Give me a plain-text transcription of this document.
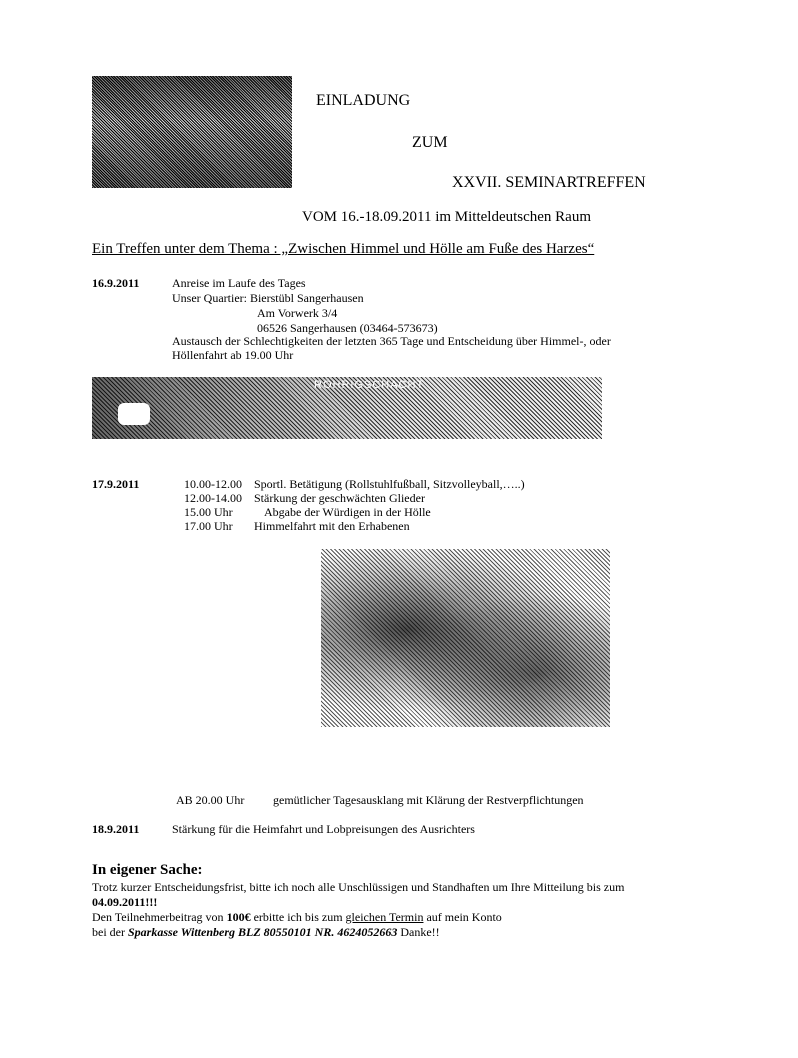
EINLADUNG
ZUM
XXVII. SEMINARTREFFEN
VOM 16.-18.09.2011 im Mitteldeutschen Raum
Ein Treffen unter dem Thema : „Zwischen Himmel und Hölle am Fuße des Harzes“
16.9.2011	Anreise im Laufe des Tages
Unser Quartier: Bierstübl Sangerhausen
Am Vorwerk 3/4
06526 Sangerhausen (03464-573673)
Austausch der Schlechtigkeiten der letzten 365 Tage und Entscheidung über Himmel-, oder
Höllenfahrt ab 19.00 Uhr
RÖHRIGSCHACHT
17.9.2011	10.00-12.00 Sportl. Betätigung (Rollstuhlfußball, Sitzvolleyball,…..)
12.00-14.00 Stärkung der geschwächten Glieder
15.00 Uhr	Abgabe der Würdigen in der Hölle
17.00 Uhr Himmelfahrt mit den Erhabenen
AB 20.00 Uhr gemütlicher Tagesausklang mit Klärung der Restverpflichtungen
18.9.2011	Stärkung für die Heimfahrt und Lobpreisungen des Ausrichters
In eigener Sache:
Trotz kurzer Entscheidungsfrist, bitte ich noch alle Unschlüssigen und Standhaften um Ihre Mitteilung bis zum
04.09.2011!!!
Den Teilnehmerbeitrag von 100€ erbitte ich bis zum gleichen Termin auf mein Konto
bei der Sparkasse Wittenberg BLZ 80550101 NR. 4624052663 Danke!!
